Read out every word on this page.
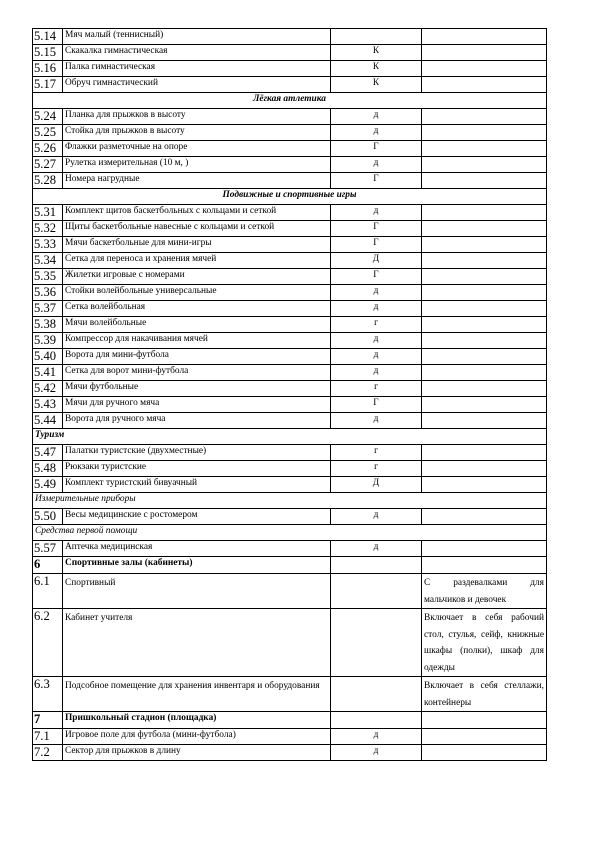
5.14	Мяч малый (теннисный)		
5.15	Скакалка гимнастическая	К	
5.16	Палка гимнастическая	К	
5.17	Обруч гимнастический	К	
Лёгкая атлетика			
5.24	Планка для прыжков в высоту	д	
5.25	Стойка для прыжков в высоту	д	
5.26	Флажки разметочные на опоре	Г	
5.27	Рулетка измерительная (10 м, )	д	
5.28	Номера нагрудные	Г	
Подвижные и спортивные игры			
5.31	Комплект щитов баскетбольных с кольцами и сеткой	д	
5.32	Щиты баскетбольные навесные с кольцами и сеткой	Г	
5.33	Мячи баскетбольные для мини-игры	Г	
5.34	Сетка для переноса и хранения мячей	Д	
5.35	Жилетки игровые с номерами	Г	
5.36	Стойки волейбольные универсальные	д	
5.37	Сетка волейбольная	д	
5.38	Мячи волейбольные	г	
5.39	Компрессор для накачивания мячей	д	
5.40	Ворота для мини-футбола	д	
5.41	Сетка для ворот мини-футбола	д	
5.42	Мячи футбольные	г	
5.43	Мячи для ручного мяча	Г	
5.44	Ворота для ручного мяча	д	
Туризм			
5.47	Палатки туристские (двухместные)	г	
5.48	Рюкзаки туристские	г	
5.49	Комплект туристский бивуачный	Д	
Измерительные приборы			
5.50	Весы медицинские с ростомером	д	
Средства первой помощи			
5.57	Аптечка медицинская	д	
6	Спортивные залы (кабинеты)		
6.1	Спортивный		С раздевалками для мальчиков и девочек
6.2	Кабинет учителя		Включает в себя рабочий стол, стулья, сейф, книжные шкафы (полки), шкаф для одежды
6.3	Подсобное помещение для хранения инвентаря и оборудования		Включает в себя стеллажи, контейнеры
7	Пришкольный стадион (площадка)		
7.1	Игровое поле для футбола (мини-футбола)	д	
7.2	Сектор для прыжков в длину	д	
